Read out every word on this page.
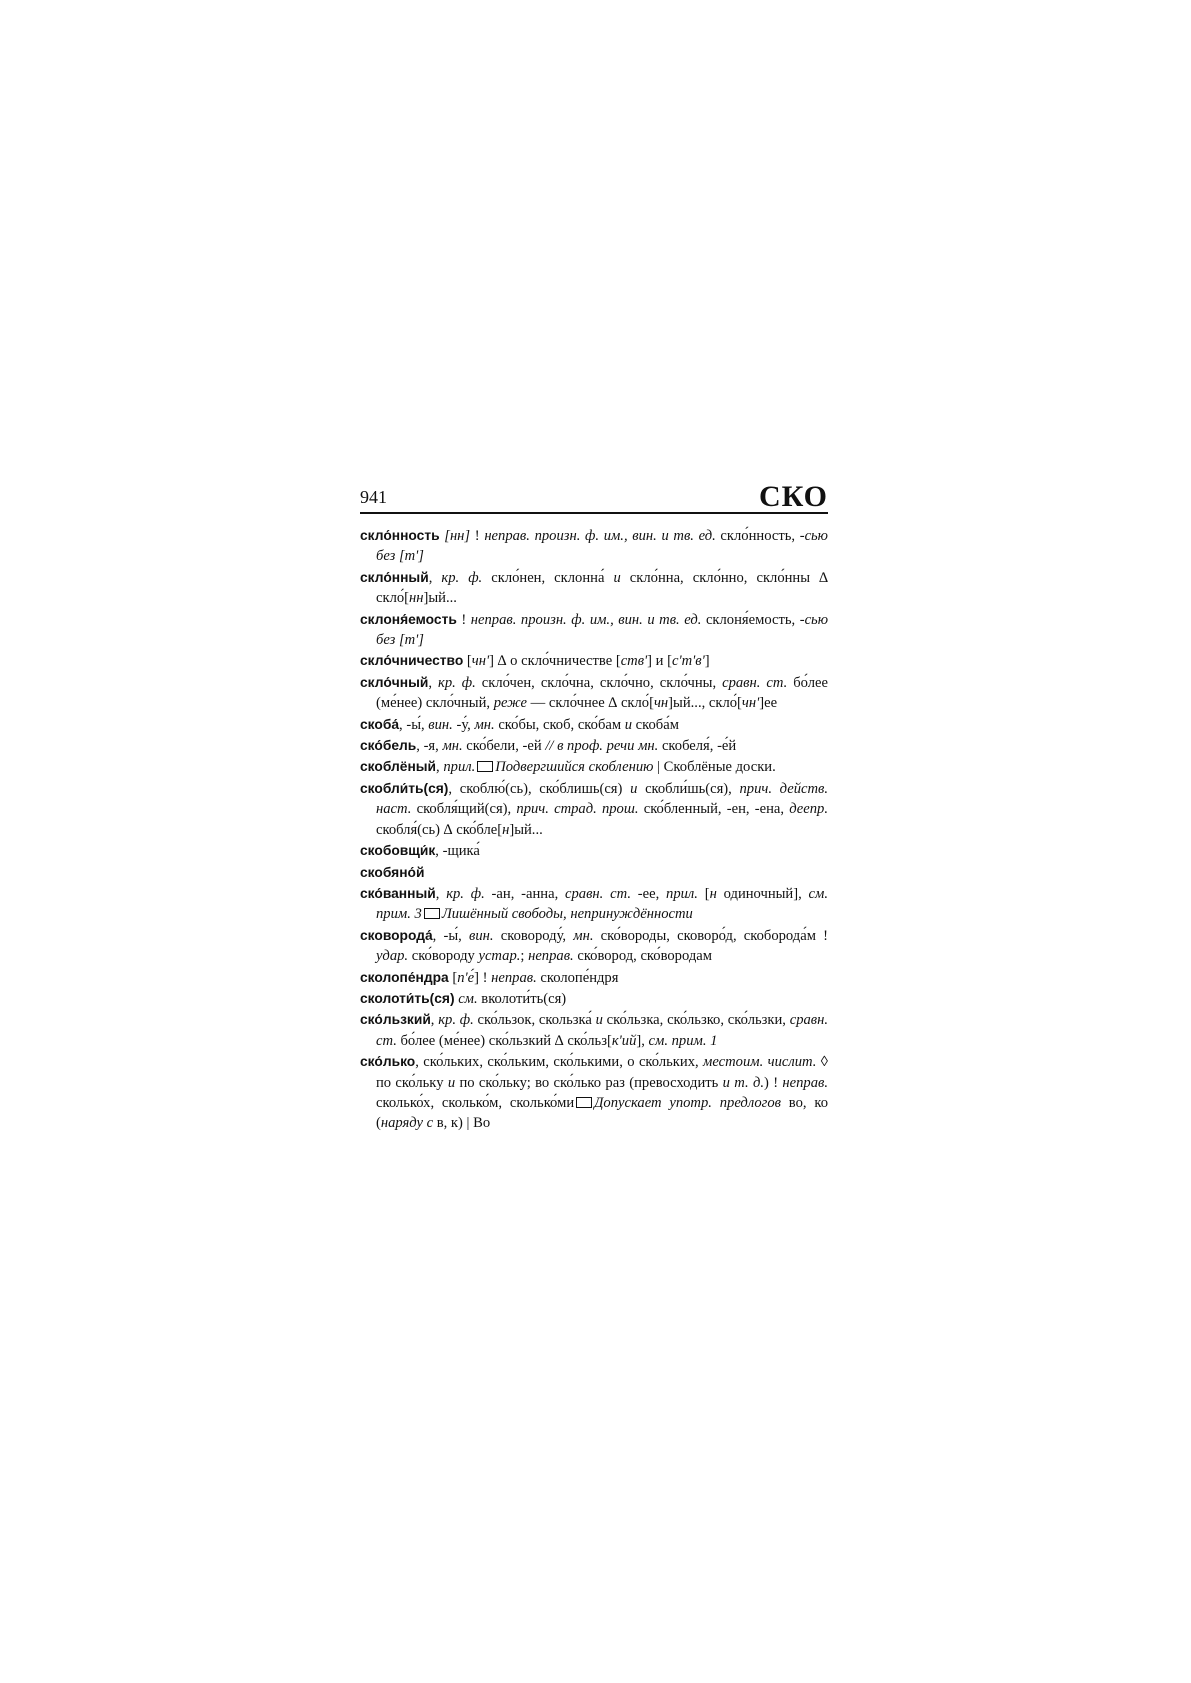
941	СКО

скло́нность [нн] ! неправ. произн. ф. им., вин. и тв. ед. скло́нность, -сью без [т']

скло́нный, кр. ф. скло́нен, склонна́ и скло́нна, скло́нно, скло́нны ∆ скло́[нн]ый...

склоня́емость ! неправ. произн. ф. им., вин. и тв. ед. склоня́емость, -сью без [т']

скло́чничество [чн'] ∆ о скло́чничестве [ств'] и [с'т'в']

скло́чный, кр. ф. скло́чен, скло́чна, скло́чно, скло́чны, сравн. ст. бо́лее (ме́нее) скло́чный, реже — скло́чнее ∆ скло́[чн]ый..., скло́[чн']ее

скоба́, -ы́, вин. -у́, мн. ско́бы, скоб, ско́бам и скоба́м

ско́бель, -я, мн. ско́бели, -ей // в проф. речи мн. скобеля́, -е́й

скоблёный, прил. Подвергшийся скоблению | Скоблёные доски.

скобли́ть(ся), скоблю́(сь), ско́блишь(ся) и скобли́шь(ся), прич. действ. наст. скобля́щий(ся), прич. страд. прош. ско́бленный, -ен, -ена, деепр. скобля́(сь) ∆ ско́бле[н]ый...

скобовщи́к, -щика́

скобяно́й

ско́ванный, кр. ф. -ан, -анна, сравн. ст. -ее, прил. [н одиночный], см. прим. 3 Лишённый свободы, непринуждённости

сковорода́, -ы́, вин. сковороду́, мн. ско́вороды, сковоро́д, скоборода́м ! удар. ско́вороду устар.; неправ. ско́вород, ско́вородам

сколопе́ндра [п'е́] ! неправ. сколопе́ндря

сколоти́ть(ся) см. вколоти́ть(ся)

ско́льзкий, кр. ф. ско́льзок, скользка́ и ско́льзка, ско́льзко, ско́льзки, сравн. ст. бо́лее (ме́нее) ско́льзкий ∆ ско́льз[к'ий], см. прим. 1

ско́лько, ско́льких, ско́льким, ско́лькими, о ско́льких, местоим. числит. ◊ по ско́льку и по ско́льку; во ско́лько раз (превосходить и т. д.) ! неправ. сколько́х, сколько́м, сколько́ми Допускает употр. предлогов во, ко (наряду с в, к) | Во
